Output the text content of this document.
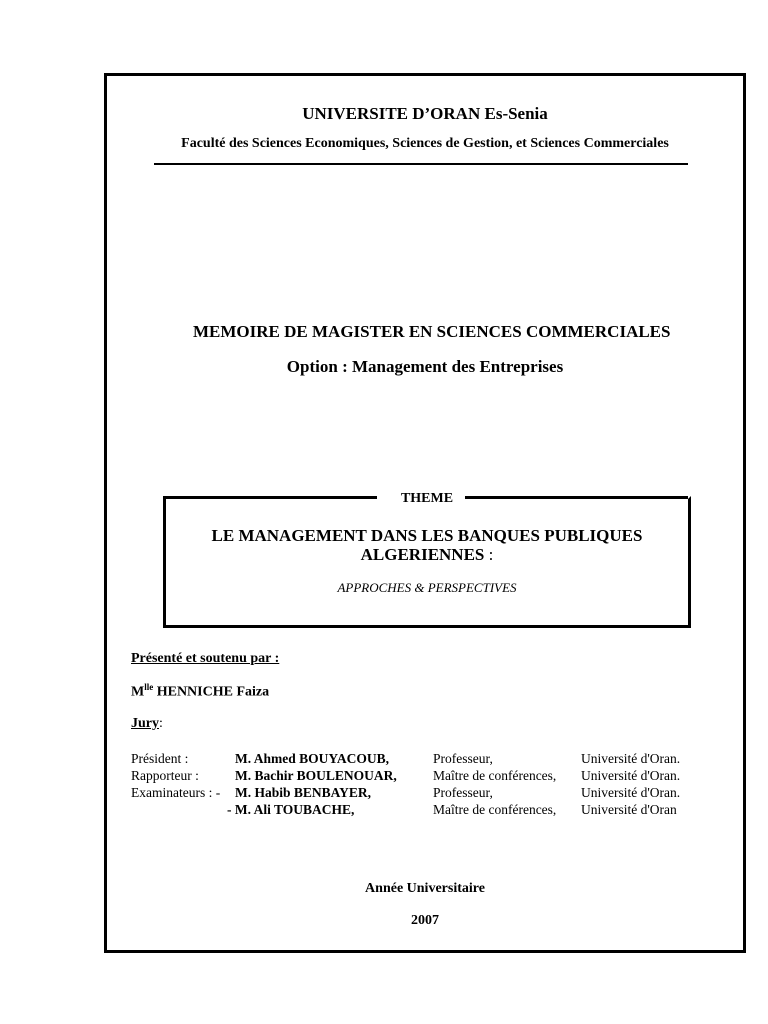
UNIVERSITE D’ORAN Es-Senia
Faculté des Sciences Economiques, Sciences de Gestion, et Sciences Commerciales
MEMOIRE DE MAGISTER EN SCIENCES COMMERCIALES
Option : Management des Entreprises
THEME
LE MANAGEMENT DANS LES BANQUES PUBLIQUES ALGERIENNES :
APPROCHES & PERSPECTIVES
Présenté et soutenu par :
$M^{lle}$ HENNICHE Faiza
Jury:
Président :	M. Ahmed BOUYACOUB,	Professeur,	Université d'Oran.
Rapporteur :	M. Bachir BOULENOUAR,	Maître de conférences, Université d'Oran.
Examinateurs : - M. Habib BENBAYER,	Professeur,	Université d'Oran.
- M. Ali TOUBACHE,	Maître de conférences, Université d'Oran
Année Universitaire
2007
